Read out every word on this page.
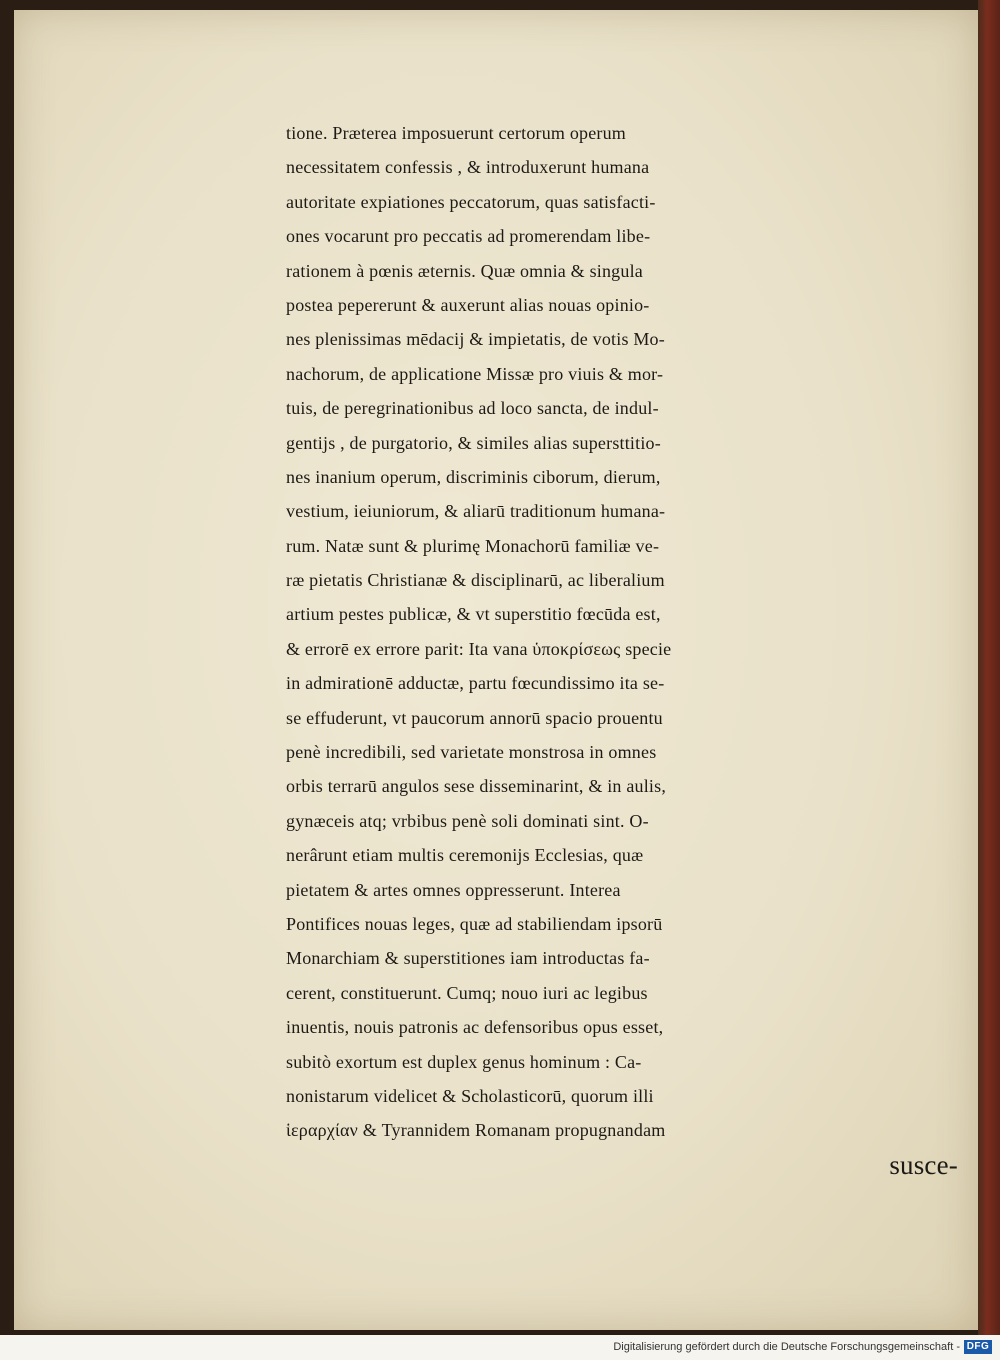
tione. Præterea imposuerunt certorum operum
necessitatem confessis , & introduxerunt humana
autoritate expiationes peccatorum, quas satisfacti-
ones vocarunt pro peccatis ad promerendam libe-
rationem à pœnis æternis. Quæ omnia & singula
postea pepererunt & auxerunt alias nouas opinio-
nes plenissimas mēdacij & impietatis, de votis Mo-
nachorum, de applicatione Missæ pro viuis & mor-
tuis, de peregrinationibus ad loco sancta, de indul-
gentijs , de purgatorio, & similes alias supersttitio-
nes inanium operum, discriminis ciborum, dierum,
vestium, ieiuniorum, & aliarū traditionum humana-
rum. Natæ sunt & plurimę Monachorū familiæ ve-
ræ pietatis Christianæ & disciplinarū, ac liberalium
artium pestes publicæ, & vt superstitio fœcūda est,
& errorē ex errore parit: Ita vana ὑποκρίσεως specie
in admirationē adductæ, partu fœcundissimo ita se-
se effuderunt, vt paucorum annorū spacio prouentu
penè incredibili, sed varietate monstrosa in omnes
orbis terrarū angulos sese disseminarint, & in aulis,
gynæceis atq; vrbibus penè soli dominati sint. O-
nerârunt etiam multis ceremonijs Ecclesias, quæ
pietatem & artes omnes oppresserunt. Interea
Pontifices nouas leges, quæ ad stabiliendam ipsorū
Monarchiam & superstitiones iam introductas fa-
cerent, constituerunt. Cumq; nouo iuri ac legibus
inuentis, nouis patronis ac defensoribus opus esset,
subitò exortum est duplex genus hominum : Ca-
nonistarum videlicet & Scholasticorū, quorum illi
ἱεραρχίαν & Tyrannidem Romanam propugnandam
susce-
Digitalisierung gefördert durch die Deutsche Forschungsgemeinschaft - DFG
